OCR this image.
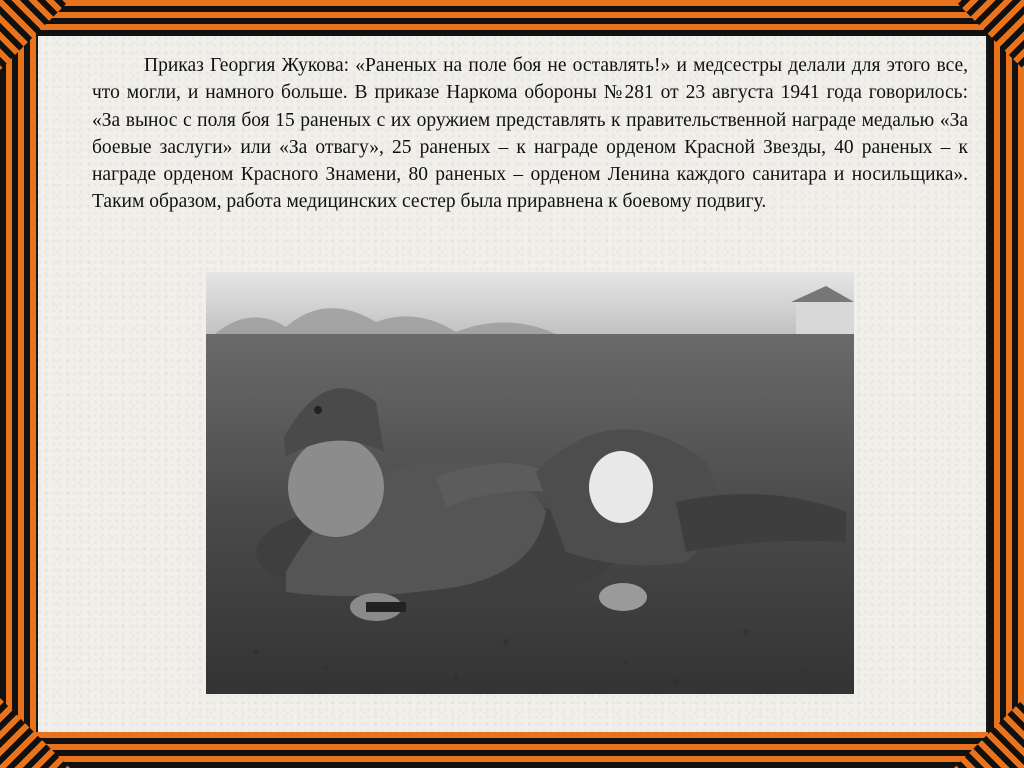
Приказ Георгия Жукова: «Раненых на поле боя не оставлять!» и медсестры делали для этого все, что могли, и намного больше. В приказе Наркома обороны №281 от 23 августа 1941 года говорилось: «За вынос с поля боя 15 раненых с их оружием представлять к правительственной награде медалью «За боевые заслуги» или «За отвагу», 25 раненых – к награде орденом Красной Звезды, 40 раненых – к награде орденом Красного Знамени, 80 раненых – орденом Ленина каждого санитара и носильщика». Таким образом, работа медицинских сестер была приравнена к боевому подвигу.
